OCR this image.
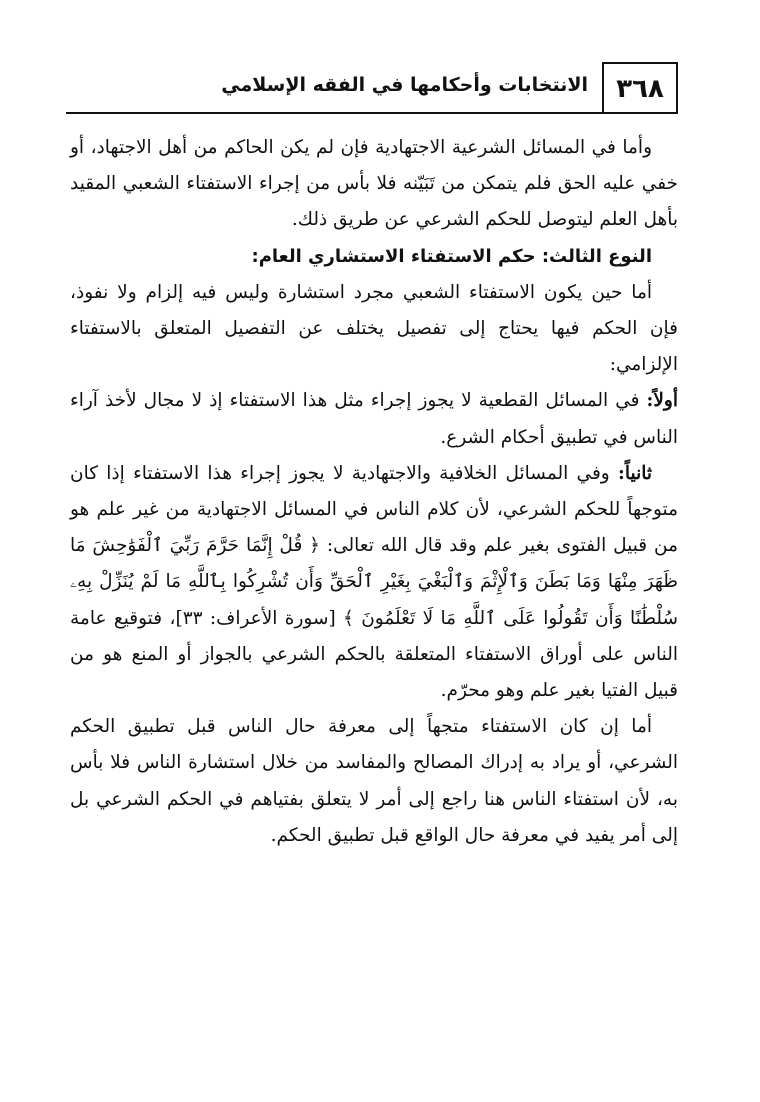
٣٦٨
الانتخابات وأحكامها في الفقه الإسلامي

وأما في المسائل الشرعية الاجتهادية فإن لم يكن الحاكم من أهل الاجتهاد، أو خفي عليه الحق فلم يتمكن من تَبَيّنه فلا بأس من إجراء الاستفتاء الشعبي المقيد بأهل العلم ليتوصل للحكم الشرعي عن طريق ذلك.

النوع الثالث: حكم الاستفتاء الاستشاري العام:

أما حين يكون الاستفتاء الشعبي مجرد استشارة وليس فيه إلزام ولا نفوذ، فإن الحكم فيها يحتاج إلى تفصيل يختلف عن التفصيل المتعلق بالاستفتاء الإلزامي:

أولاً: في المسائل القطعية لا يجوز إجراء مثل هذا الاستفتاء إذ لا مجال لأخذ آراء الناس في تطبيق أحكام الشرع.

ثانياً: وفي المسائل الخلافية والاجتهادية لا يجوز إجراء هذا الاستفتاء إذا كان متوجهاً للحكم الشرعي، لأن كلام الناس في المسائل الاجتهادية من غير علم هو من قبيل الفتوى بغير علم وقد قال الله تعالى: ﴿ قُلْ إِنَّمَا حَرَّمَ رَبِّيَ ٱلْفَوَٰحِشَ مَا ظَهَرَ مِنْهَا وَمَا بَطَنَ وَٱلْإِثْمَ وَٱلْبَغْيَ بِغَيْرِ ٱلْحَقِّ وَأَن تُشْرِكُوا بِٱللَّهِ مَا لَمْ يُنَزِّلْ بِهِۦ سُلْطَٰنًا وَأَن تَقُولُوا عَلَى ٱللَّهِ مَا لَا تَعْلَمُونَ ﴾ [سورة الأعراف: ٣٣]، فتوقيع عامة الناس على أوراق الاستفتاء المتعلقة بالحكم الشرعي بالجواز أو المنع هو من قبيل الفتيا بغير علم وهو محرّم.

أما إن كان الاستفتاء متجهاً إلى معرفة حال الناس قبل تطبيق الحكم الشرعي، أو يراد به إدراك المصالح والمفاسد من خلال استشارة الناس فلا بأس به، لأن استفتاء الناس هنا راجع إلى أمر لا يتعلق بفتياهم في الحكم الشرعي بل إلى أمر يفيد في معرفة حال الواقع قبل تطبيق الحكم.
